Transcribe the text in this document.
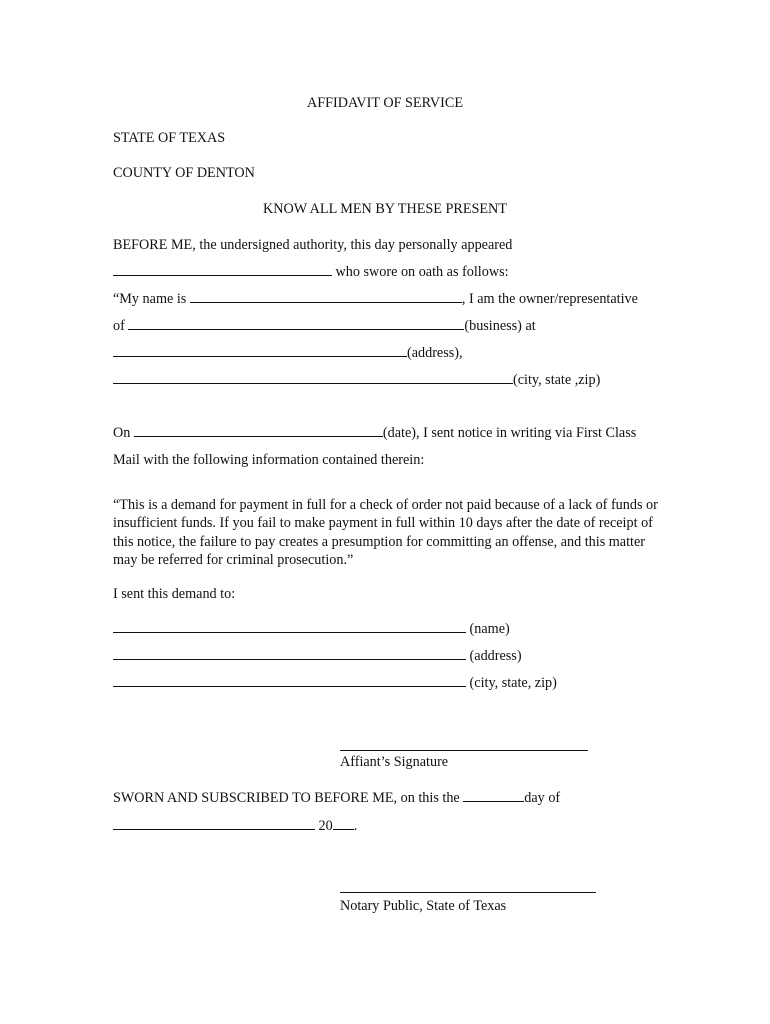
AFFIDAVIT OF SERVICE
STATE OF TEXAS
COUNTY OF DENTON
KNOW ALL MEN BY THESE PRESENT
BEFORE ME, the undersigned authority, this day personally appeared
who swore on oath as follows:
“My name is	, I am the owner/representative
of	(business) at
(address),
(city, state ,zip)
On	(date), I sent notice in writing via First Class
Mail with the following information contained therein:
“This is a demand for payment in full for a check of order not paid because of a lack of funds or insufficient funds. If you fail to make payment in full within 10 days after the date of receipt of this notice, the failure to pay creates a presumption for committing an offense, and this matter may be referred for criminal prosecution.”
I sent this demand to:
(name)
(address)
(city, state, zip)
Affiant’s Signature
SWORN AND SUBSCRIBED TO BEFORE ME, on this the	day of
20 .
Notary Public, State of Texas
